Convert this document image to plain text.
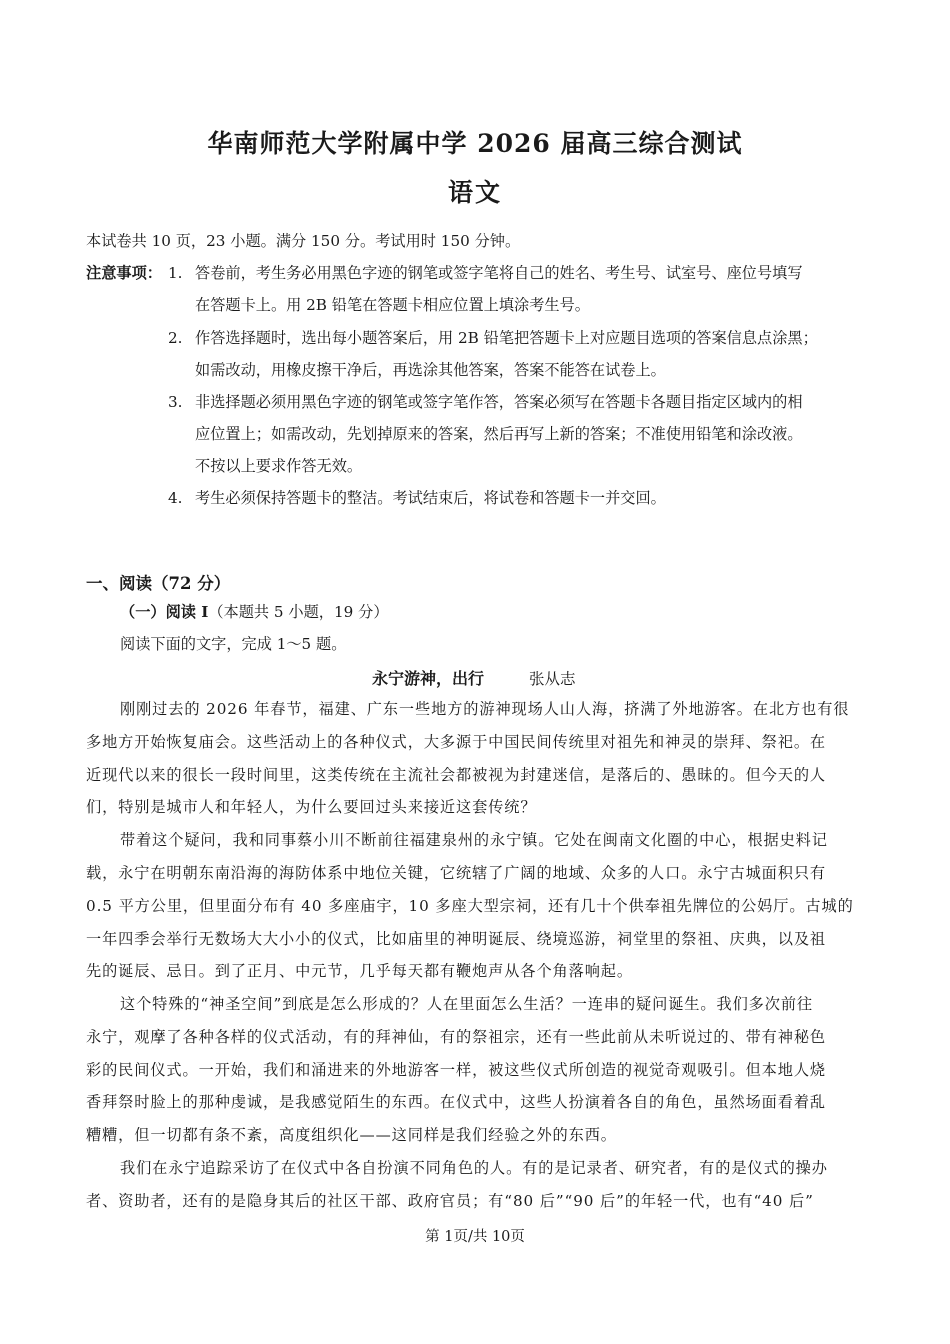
华南师范大学附属中学 2026 届高三综合测试
语文
本试卷共 10 页，23 小题。满分 150 分。考试用时 150 分钟。
注意事项： 1. 答卷前，考生务必用黑色字迹的钢笔或签字笔将自己的姓名、考生号、试室号、座位号填写
在答题卡上。用 2B 铅笔在答题卡相应位置上填涂考生号。
2. 作答选择题时，选出每小题答案后，用 2B 铅笔把答题卡上对应题目选项的答案信息点涂黑；
如需改动，用橡皮擦干净后，再选涂其他答案，答案不能答在试卷上。
3. 非选择题必须用黑色字迹的钢笔或签字笔作答，答案必须写在答题卡各题目指定区域内的相
应位置上；如需改动，先划掉原来的答案，然后再写上新的答案；不准使用铅笔和涂改液。
不按以上要求作答无效。
4. 考生必须保持答题卡的整洁。考试结束后，将试卷和答题卡一并交回。
一、阅读（72 分）
（一）阅读 I（本题共 5 小题，19 分）
阅读下面的文字，完成 1～5 题。
永宁游神，出行	张从志
刚刚过去的 2026 年春节，福建、广东一些地方的游神现场人山人海，挤满了外地游客。在北方也有很
多地方开始恢复庙会。这些活动上的各种仪式，大多源于中国民间传统里对祖先和神灵的崇拜、祭祀。在
近现代以来的很长一段时间里，这类传统在主流社会都被视为封建迷信，是落后的、愚昧的。但今天的人
们，特别是城市人和年轻人，为什么要回过头来接近这套传统？
带着这个疑问，我和同事蔡小川不断前往福建泉州的永宁镇。它处在闽南文化圈的中心，根据史料记
载，永宁在明朝东南沿海的海防体系中地位关键，它统辖了广阔的地域、众多的人口。永宁古城面积只有
0.5 平方公里，但里面分布有 40 多座庙宇，10 多座大型宗祠，还有几十个供奉祖先牌位的公妈厅。古城的
一年四季会举行无数场大大小小的仪式，比如庙里的神明诞辰、绕境巡游，祠堂里的祭祖、庆典，以及祖
先的诞辰、忌日。到了正月、中元节，几乎每天都有鞭炮声从各个角落响起。
这个特殊的“神圣空间”到底是怎么形成的？人在里面怎么生活？一连串的疑问诞生。我们多次前往
永宁，观摩了各种各样的仪式活动，有的拜神仙，有的祭祖宗，还有一些此前从未听说过的、带有神秘色
彩的民间仪式。一开始，我们和涌进来的外地游客一样，被这些仪式所创造的视觉奇观吸引。但本地人烧
香拜祭时脸上的那种虔诚，是我感觉陌生的东西。在仪式中，这些人扮演着各自的角色，虽然场面看着乱
糟糟，但一切都有条不紊，高度组织化——这同样是我们经验之外的东西。
我们在永宁追踪采访了在仪式中各自扮演不同角色的人。有的是记录者、研究者，有的是仪式的操办
者、资助者，还有的是隐身其后的社区干部、政府官员；有“80 后”“90 后”的年轻一代，也有“40 后”
第 1页/共 10页
